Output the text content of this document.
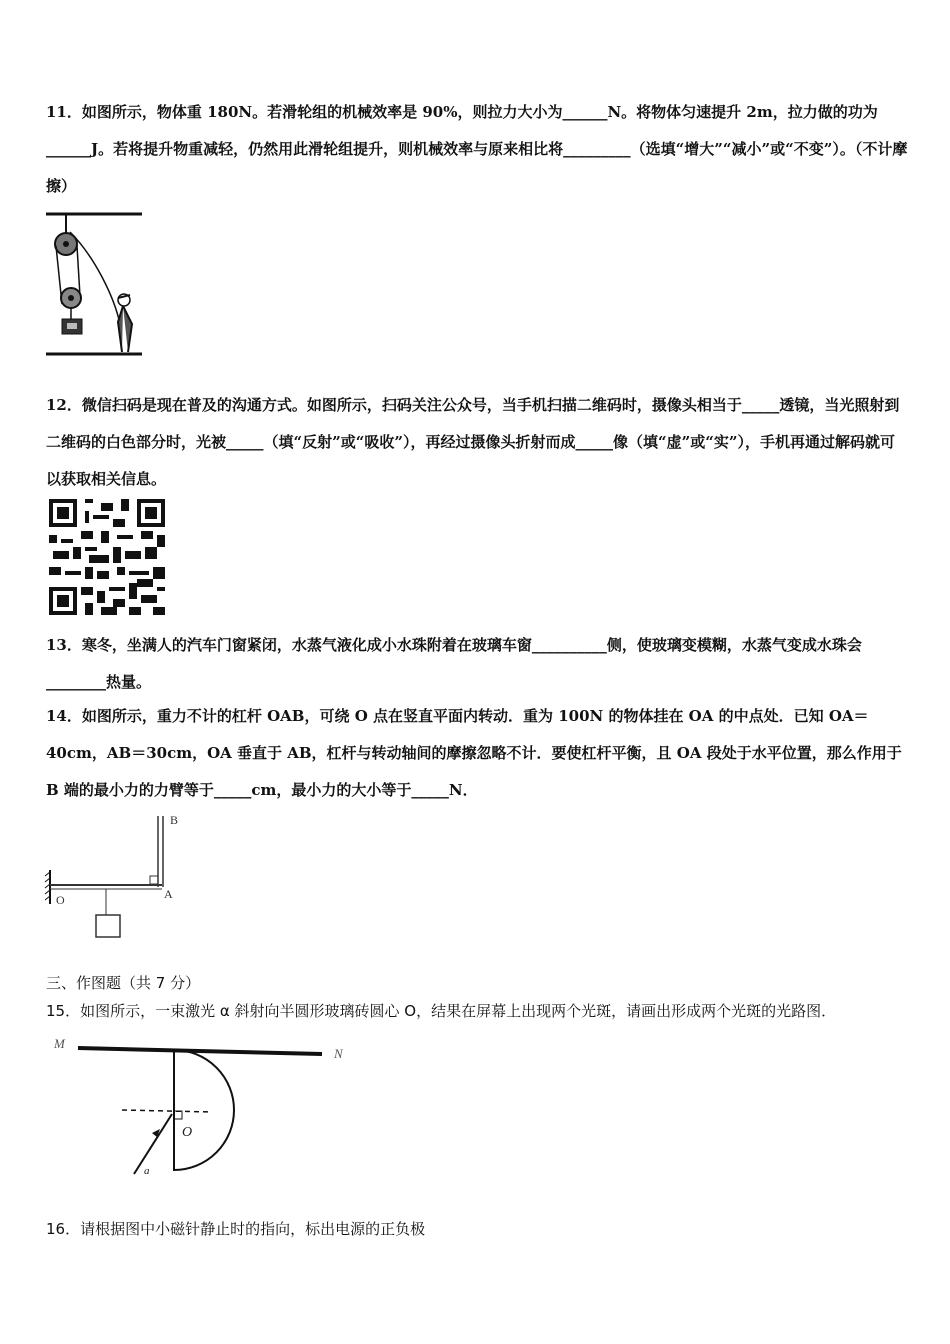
11．如图所示，物体重 180N。若滑轮组的机械效率是 90%，则拉力大小为______N。将物体匀速提升 2m，拉力做的功为______J。若将提升物重减轻，仍然用此滑轮组提升，则机械效率与原来相比将_________（选填“增大”“减小”或“不变”）。（不计摩擦）

12．微信扫码是现在普及的沟通方式。如图所示，扫码关注公众号，当手机扫描二维码时，摄像头相当于_____透镜，当光照射到二维码的白色部分时，光被_____（填“反射”或“吸收”），再经过摄像头折射而成_____像（填“虚”或“实”），手机再通过解码就可以获取相关信息。

13．寒冬，坐满人的汽车门窗紧闭，水蒸气液化成小水珠附着在玻璃车窗__________侧，使玻璃变模糊，水蒸气变成水珠会________热量。

14．如图所示，重力不计的杠杆 OAB，可绕 O 点在竖直平面内转动．重为 100N 的物体挂在 OA 的中点处．已知 OA＝40cm，AB＝30cm，OA 垂直于 AB，杠杆与转动轴间的摩擦忽略不计．要使杠杆平衡，且 OA 段处于水平位置，那么作用于 B 端的最小力的力臂等于_____cm，最小力的大小等于_____N．

B
A
O

三、作图题（共 7 分）

15．如图所示，一束激光 α 斜射向半圆形玻璃砖圆心 O，结果在屏幕上出现两个光斑，请画出形成两个光斑的光路图．

M
N
O
a

16．请根据图中小磁针静止时的指向，标出电源的正负极
